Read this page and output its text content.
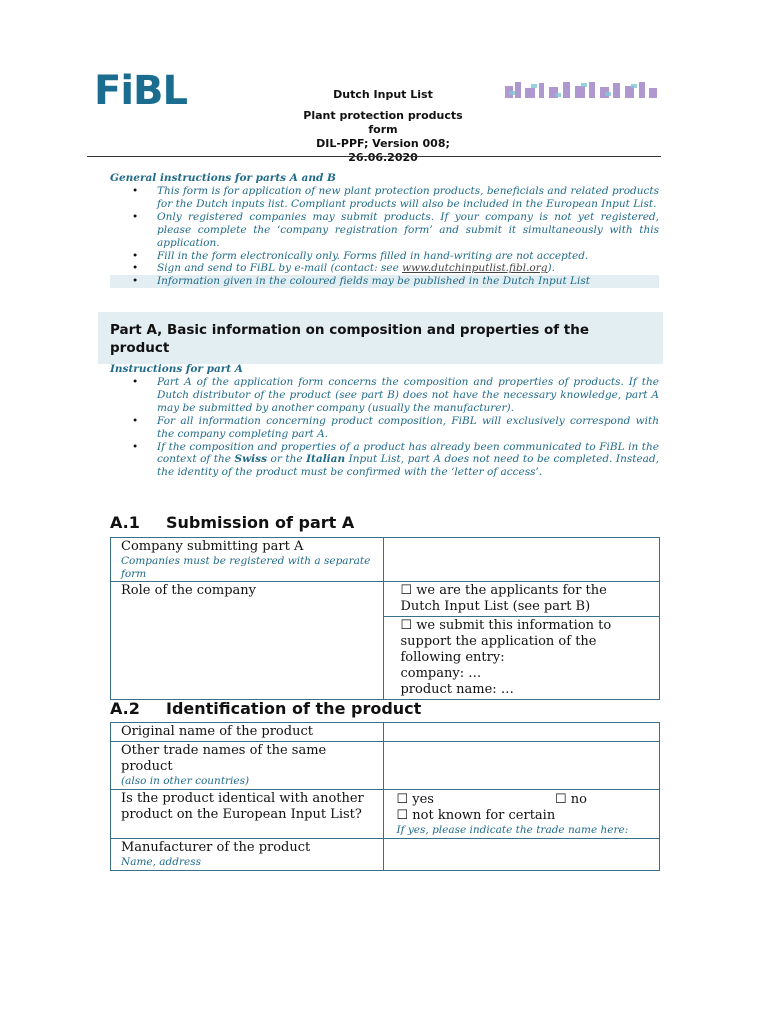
FiBL	Dutch Input List
Plant protection products
form
DIL-PPF; Version 008;
26.06.2020
General instructions for parts A and B
• This form is for application of new plant protection products, beneficials and related products for the Dutch inputs list. Compliant products will also be included in the European Input List.
• Only registered companies may submit products. If your company is not yet registered, please complete the ‘company registration form’ and submit it simultaneously with this application.
• Fill in the form electronically only. Forms filled in hand-writing are not accepted.
• Sign and send to FiBL by e-mail (contact: see www.dutchinputlist.fibl.org).
• Information given in the coloured fields may be published in the Dutch Input List
Part A, Basic information on composition and properties of the product
Instructions for part A
• Part A of the application form concerns the composition and properties of products. If the Dutch distributor of the product (see part B) does not have the necessary knowledge, part A may be submitted by another company (usually the manufacturer).
• For all information concerning product composition, FiBL will exclusively correspond with the company completing part A.
• If the composition and properties of a product has already been communicated to FiBL in the context of the Swiss or the Italian Input List, part A does not need to be completed. Instead, the identity of the product must be confirmed with the ‘letter of access’.
A.1 Submission of part A
Company submitting part A
Companies must be registered with a separate form	

Role of the company	☐ we are the applicants for the Dutch Input List (see part B)
☐ we submit this information to support the application of the following entry:
company: …
product name: …
A.2 Identification of the product
Original name of the product	
Other trade names of the same product
(also in other countries)	

Is the product identical with another product on the European Input List?	☐ yes ☐ no
☐ not known for certain
If yes, please indicate the trade name here:

Manufacturer of the product
Name, address	
